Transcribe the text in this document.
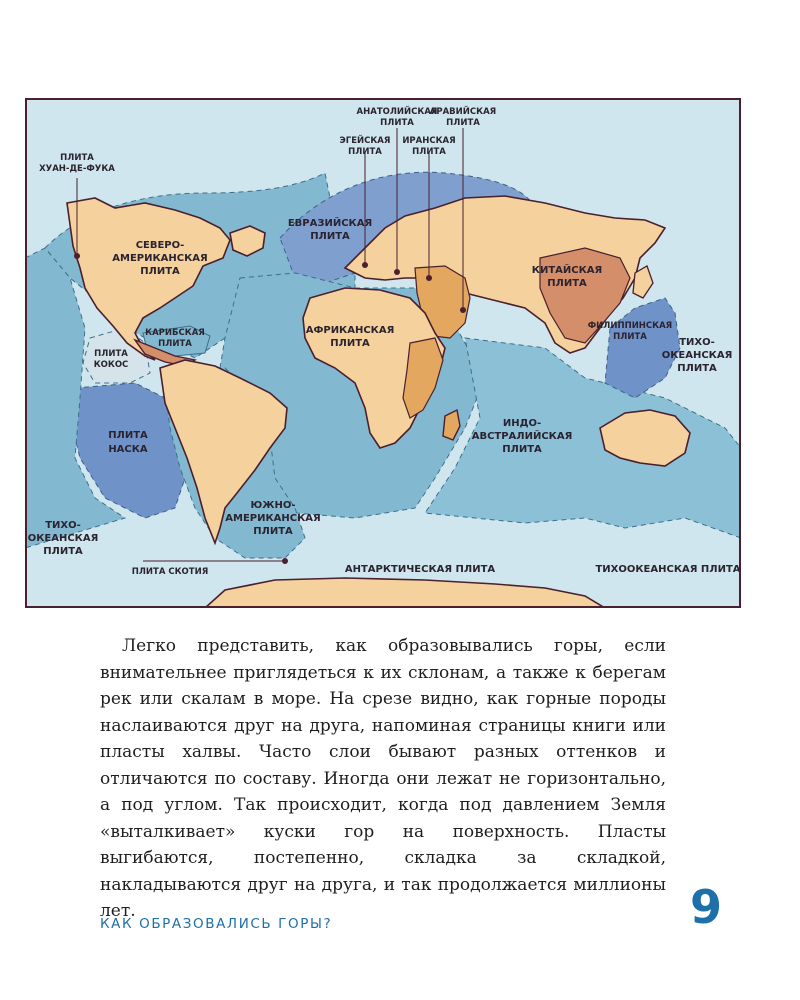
ПЛИТА
ХУАН-ДЕ-ФУКА
СЕВЕРО-
АМЕРИКАНСКАЯ
ПЛИТА
ЕВРАЗИЙСКАЯ
ПЛИТА
АНАТОЛИЙСКАЯ
ПЛИТА
АРАВИЙСКАЯ
ПЛИТА
ЭГЕЙСКАЯ
ПЛИТА
ИРАНСКАЯ
ПЛИТА
КИТАЙСКАЯ
ПЛИТА
КАРИБСКАЯ
ПЛИТА
АФРИКАНСКАЯ
ПЛИТА
ФИЛИППИНСКАЯ
ПЛИТА	ТИХО-
ОКЕАНСКАЯ
ПЛИТА
ПЛИТА
КОКОС
ПЛИТА
НАСКА
ИНДО-
АВСТРАЛИЙСКАЯ
ПЛИТА
ЮЖНО-
АМЕРИКАНСКАЯ
ПЛИТА
ТИХО-
ОКЕАНСКАЯ
ПЛИТА
ПЛИТА СКОТИЯ	АНТАРКТИЧЕСКАЯ ПЛИТА	ТИХООКЕАНСКАЯ ПЛИТА

Легко представить, как образовывались горы, если внимательнее приглядеться к их склонам, а также к берегам рек или скалам в море. На срезе видно, как горные породы наслаиваются друг на друга, напоминая страницы книги или пласты халвы. Часто слои бывают разных оттенков и отличаются по составу. Иногда они лежат не горизонтально, а под углом. Так происходит, когда под давлением Земля «выталкивает» куски гор на поверхность. Пласты выгибаются, постепенно, складка за складкой, накладываются друг на друга, и так продолжается миллионы лет.

КАК ОБРАЗОВАЛИСЬ ГОРЫ?	9
